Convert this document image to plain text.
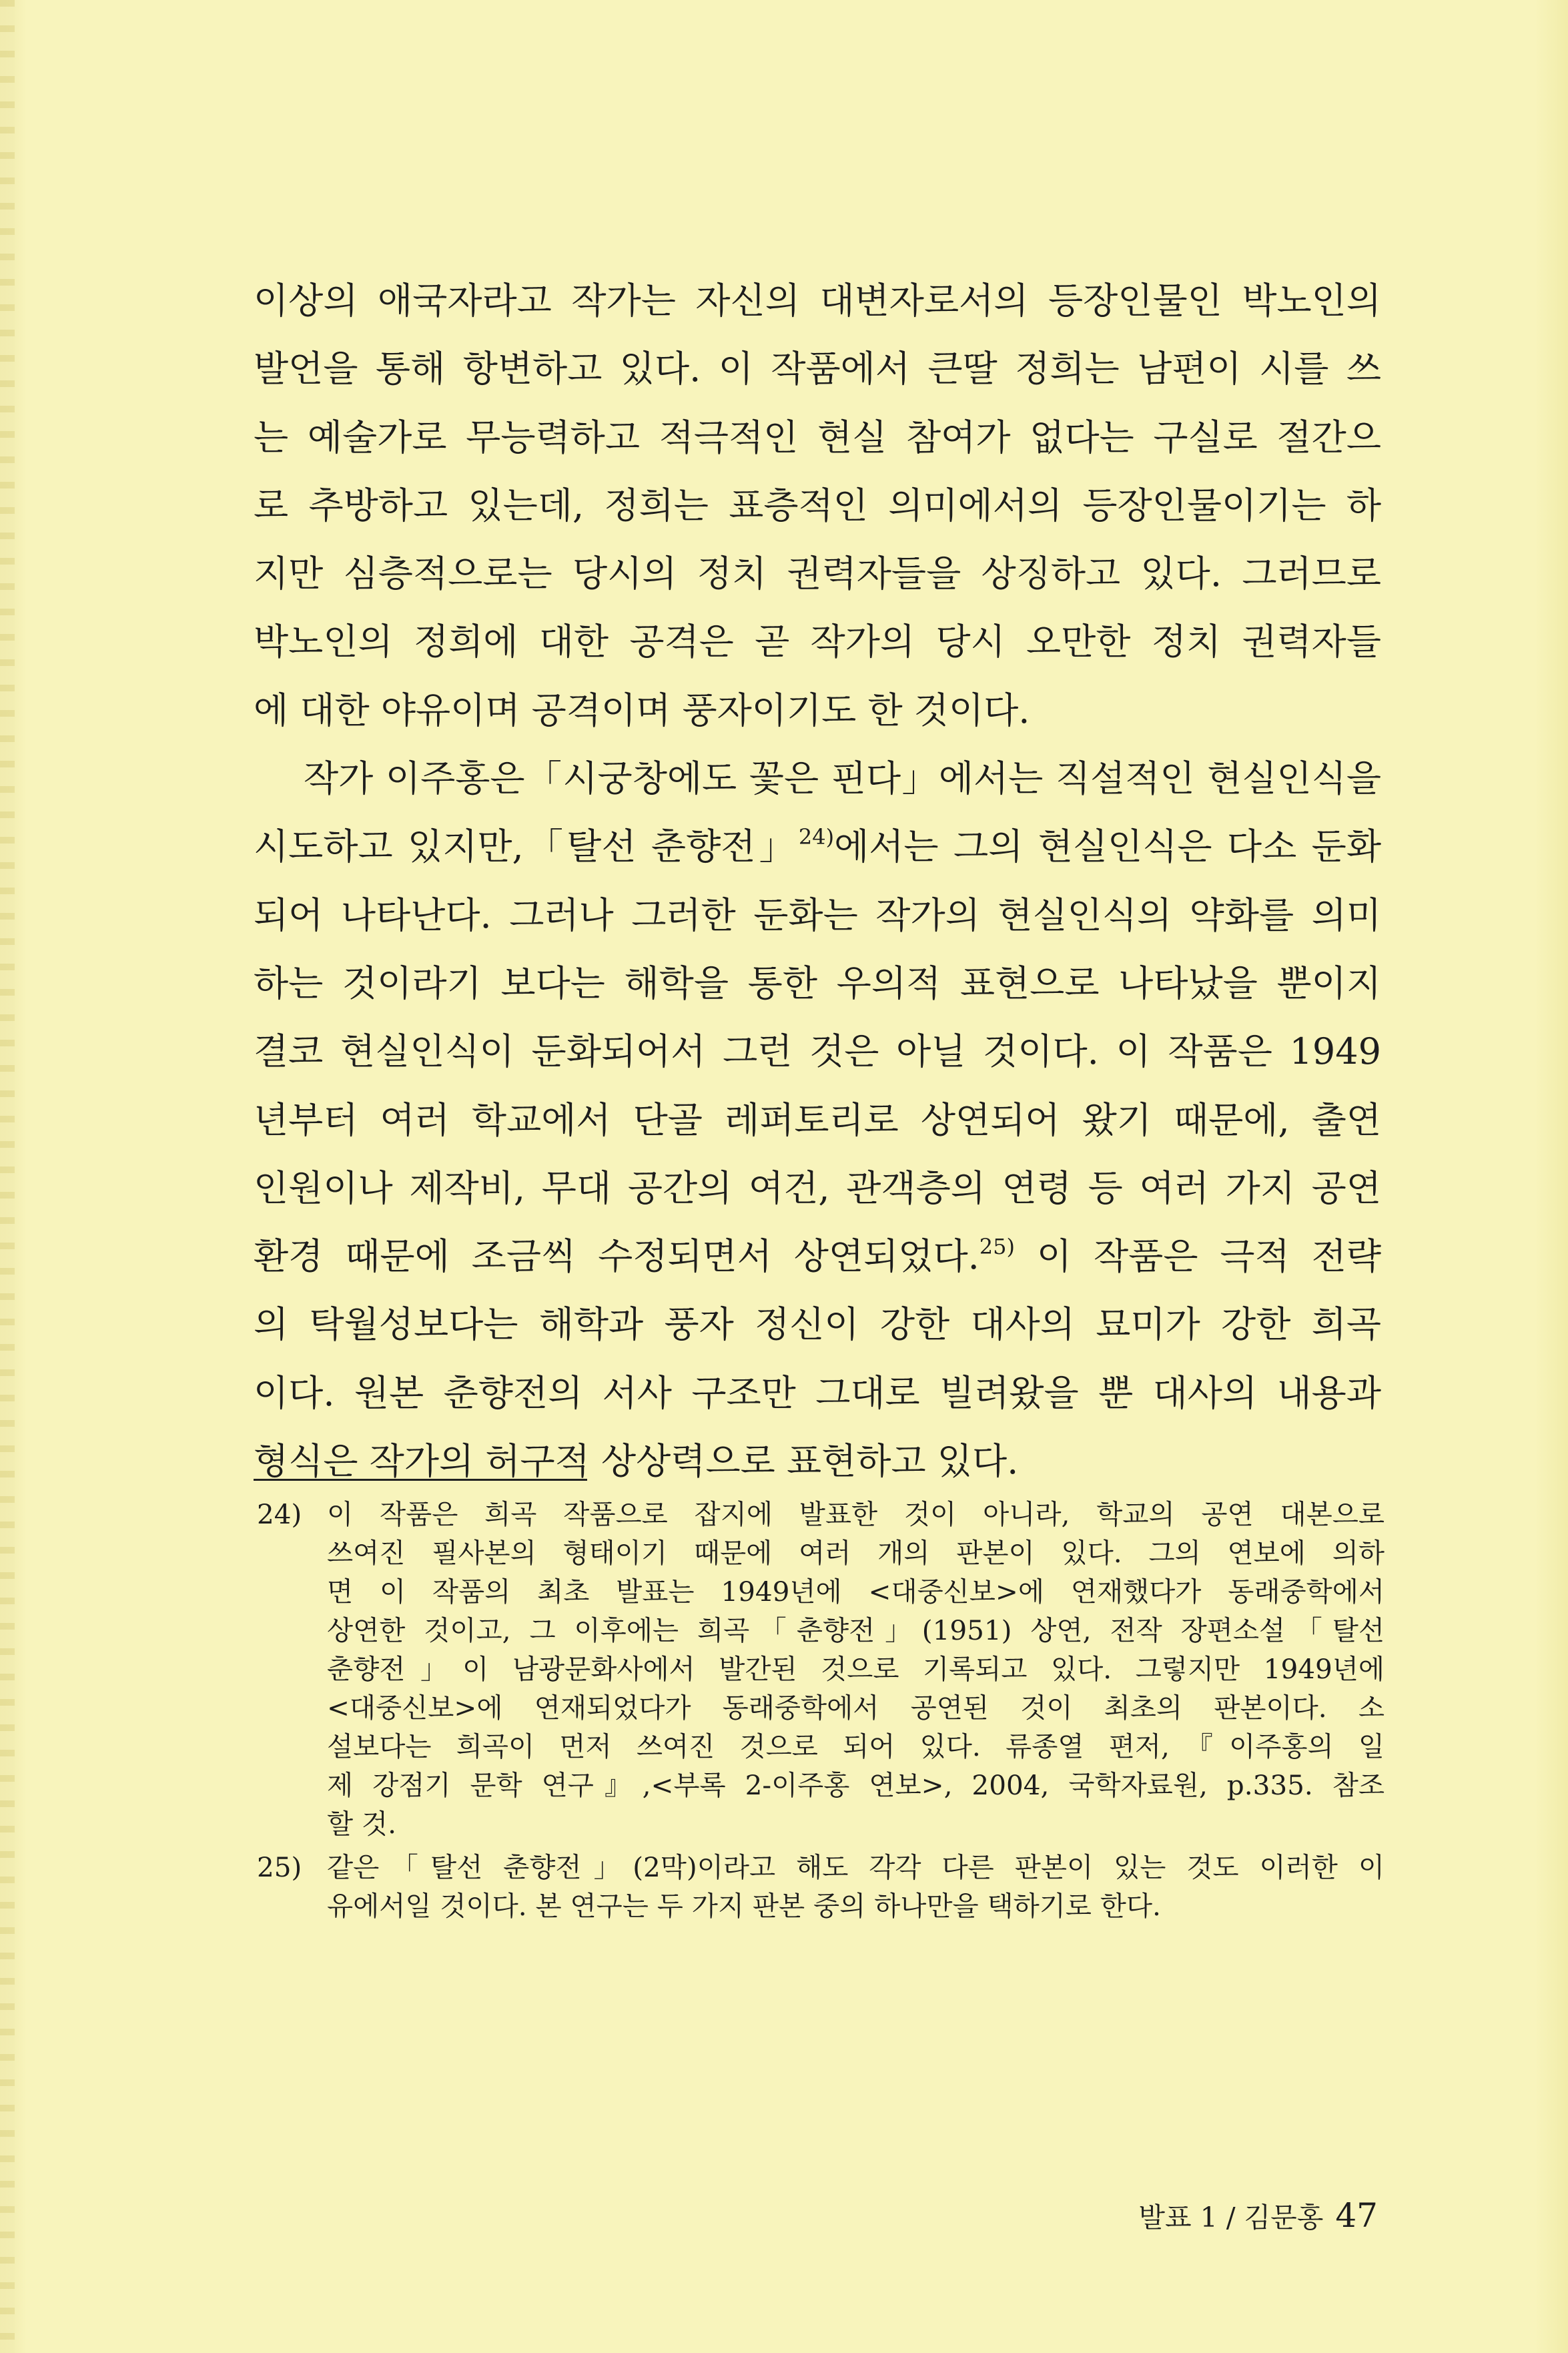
이상의 애국자라고 작가는 자신의 대변자로서의 등장인물인 박노인의
발언을 통해 항변하고 있다. 이 작품에서 큰딸 정희는 남편이 시를 쓰
는 예술가로 무능력하고 적극적인 현실 참여가 없다는 구실로 절간으
로 추방하고 있는데, 정희는 표층적인 의미에서의 등장인물이기는 하
지만 심층적으로는 당시의 정치 권력자들을 상징하고 있다. 그러므로
박노인의 정희에 대한 공격은 곧 작가의 당시 오만한 정치 권력자들
에 대한 야유이며 공격이며 풍자이기도 한 것이다.
작가 이주홍은「시궁창에도 꽃은 핀다」에서는 직설적인 현실인식을
시도하고 있지만,「탈선 춘향전」$^{24)}$에서는 그의 현실인식은 다소 둔화
되어 나타난다. 그러나 그러한 둔화는 작가의 현실인식의 약화를 의미
하는 것이라기 보다는 해학을 통한 우의적 표현으로 나타났을 뿐이지
결코 현실인식이 둔화되어서 그런 것은 아닐 것이다. 이 작품은 1949
년부터 여러 학교에서 단골 레퍼토리로 상연되어 왔기 때문에, 출연
인원이나 제작비, 무대 공간의 여건, 관객층의 연령 등 여러 가지 공연
환경 때문에 조금씩 수정되면서 상연되었다.$^{25)}$ 이 작품은 극적 전략
의 탁월성보다는 해학과 풍자 정신이 강한 대사의 묘미가 강한 희곡
이다. 원본 춘향전의 서사 구조만 그대로 빌려왔을 뿐 대사의 내용과
형식은 작가의 허구적 상상력으로 표현하고 있다.
24) 이 작품은 희곡 작품으로 잡지에 발표한 것이 아니라, 학교의 공연 대본으로
쓰여진 필사본의 형태이기 때문에 여러 개의 판본이 있다. 그의 연보에 의하
면 이 작품의 최초 발표는 1949년에 <대중신보>에 연재했다가 동래중학에서
상연한 것이고, 그 이후에는 희곡「춘향전」(1951) 상연, 전작 장편소설「탈선
춘향전」이 남광문화사에서 발간된 것으로 기록되고 있다. 그렇지만 1949년에
<대중신보>에 연재되었다가 동래중학에서 공연된 것이 최초의 판본이다. 소
설보다는 희곡이 먼저 쓰여진 것으로 되어 있다. 류종열 편저,『이주홍의 일
제 강점기 문학 연구』,<부록 2-이주홍 연보>, 2004, 국학자료원, p.335. 참조
할 것.
25) 같은「탈선 춘향전」(2막)이라고 해도 각각 다른 판본이 있는 것도 이러한 이
유에서일 것이다. 본 연구는 두 가지 판본 중의 하나만을 택하기로 한다.
발표 1 / 김문홍 47
